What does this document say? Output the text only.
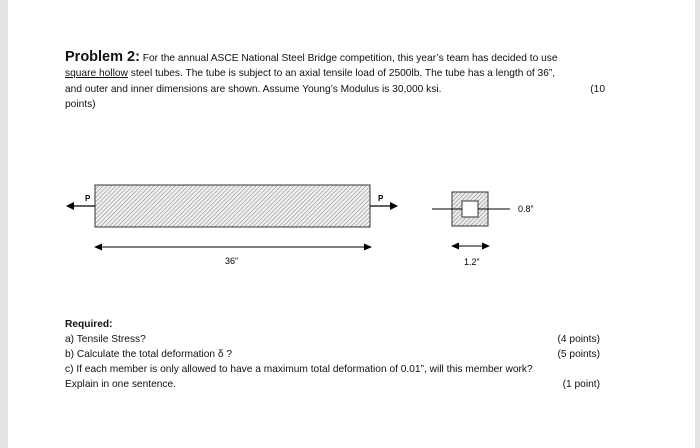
Problem 2: For the annual ASCE National Steel Bridge competition, this year’s team has decided to use
square hollow steel tubes. The tube is subject to an axial tensile load of 2500lb. The tube has a length of 36”,
and outer and inner dimensions are shown. Assume Young’s Modulus is 30,000 ksi.	(10

points)
P	P
36”
0.8”
1.2”
Required:
a) Tensile Stress?	(4 points)
b) Calculate the total deformation δ ?	(5 points)
c) If each member is only allowed to have a maximum total deformation of 0.01”, will this member work?
Explain in one sentence.	(1 point)
